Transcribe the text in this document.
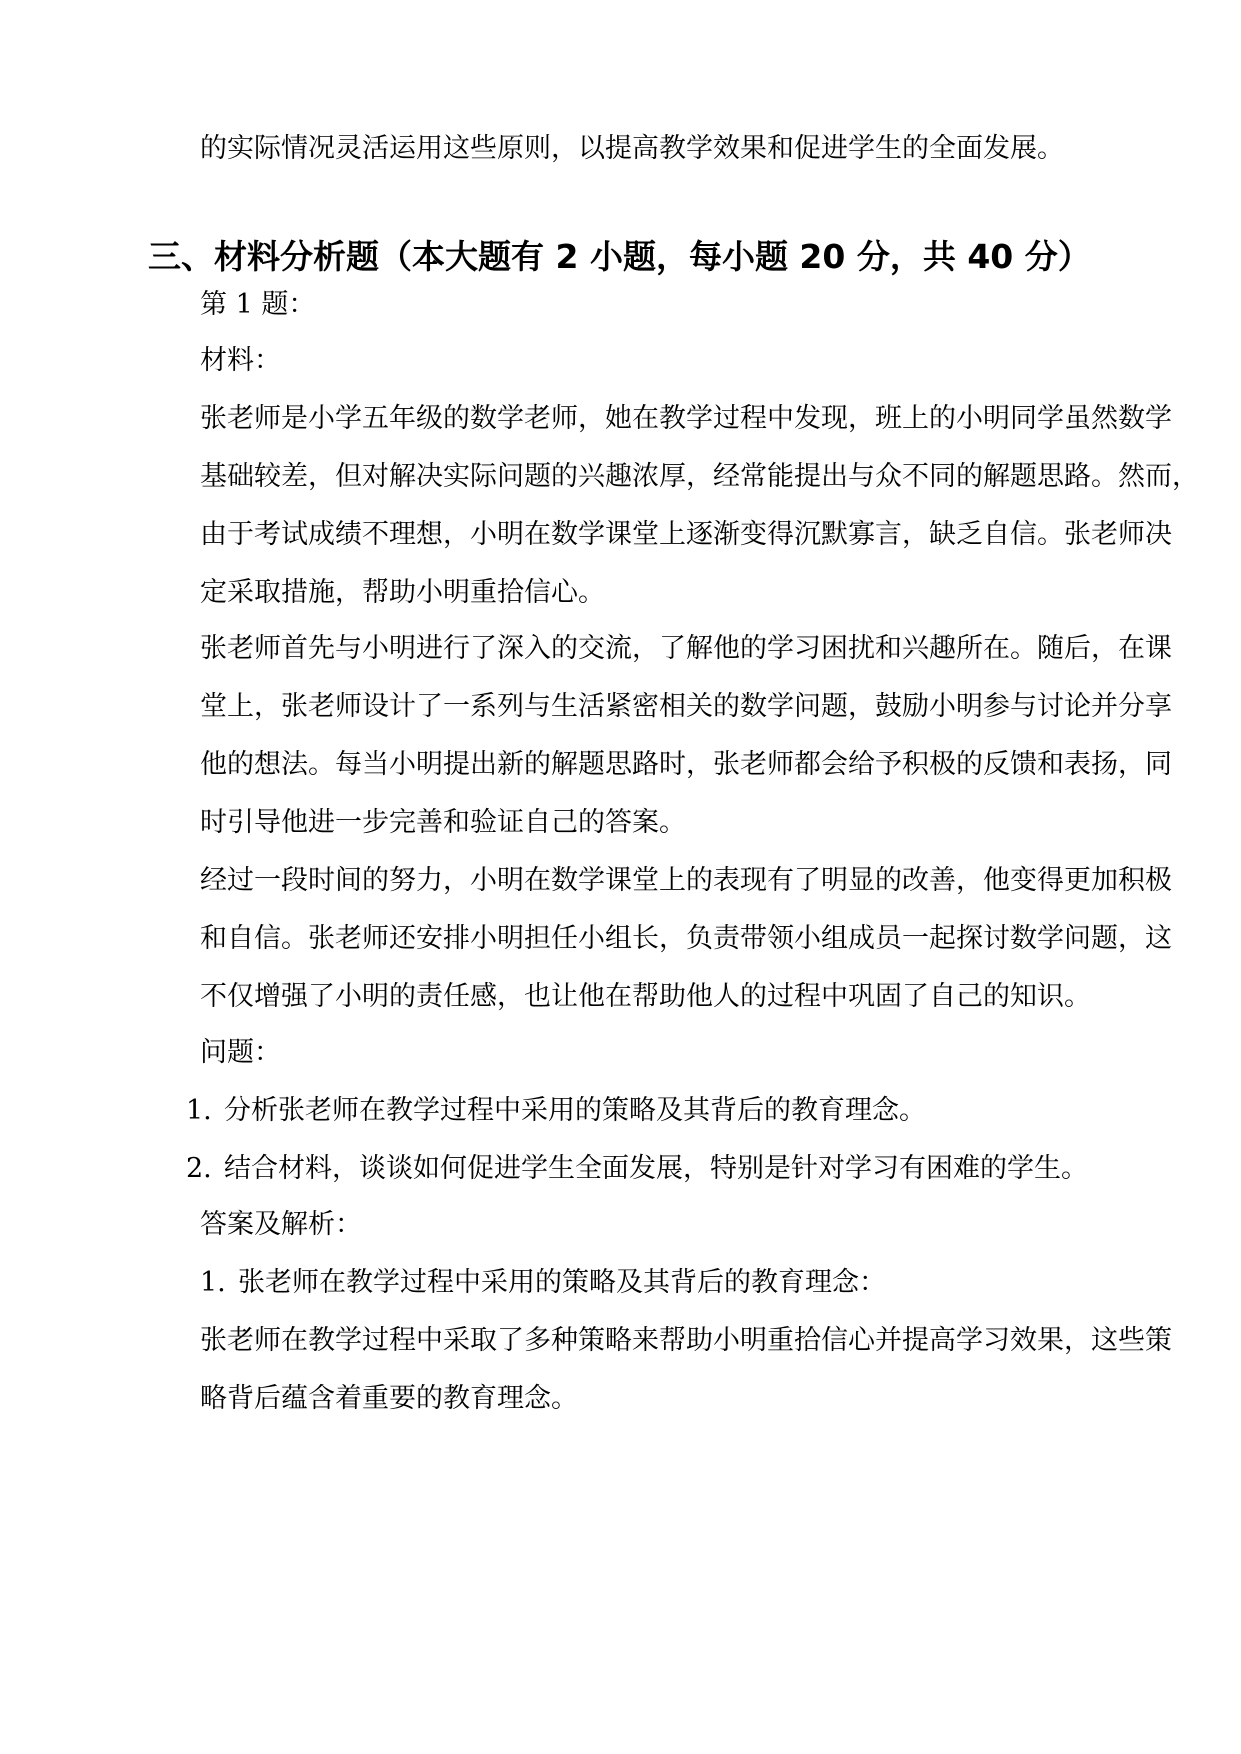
的实际情况灵活运用这些原则，以提高教学效果和促进学生的全面发展。

三、材料分析题（本大题有 2 小题，每小题 20 分，共 40 分）

第 1 题：

材料：

张老师是小学五年级的数学老师，她在教学过程中发现，班上的小明同学虽然数学

基础较差，但对解决实际问题的兴趣浓厚，经常能提出与众不同的解题思路。然而，

由于考试成绩不理想，小明在数学课堂上逐渐变得沉默寡言，缺乏自信。张老师决

定采取措施，帮助小明重拾信心。

张老师首先与小明进行了深入的交流，了解他的学习困扰和兴趣所在。随后，在课

堂上，张老师设计了一系列与生活紧密相关的数学问题，鼓励小明参与讨论并分享

他的想法。每当小明提出新的解题思路时，张老师都会给予积极的反馈和表扬，同

时引导他进一步完善和验证自己的答案。

经过一段时间的努力，小明在数学课堂上的表现有了明显的改善，他变得更加积极

和自信。张老师还安排小明担任小组长，负责带领小组成员一起探讨数学问题，这

不仅增强了小明的责任感，也让他在帮助他人的过程中巩固了自己的知识。

问题：

1. 分析张老师在教学过程中采用的策略及其背后的教育理念。

2. 结合材料，谈谈如何促进学生全面发展，特别是针对学习有困难的学生。

答案及解析：

1. 张老师在教学过程中采用的策略及其背后的教育理念：

张老师在教学过程中采取了多种策略来帮助小明重拾信心并提高学习效果，这些策

略背后蕴含着重要的教育理念。
